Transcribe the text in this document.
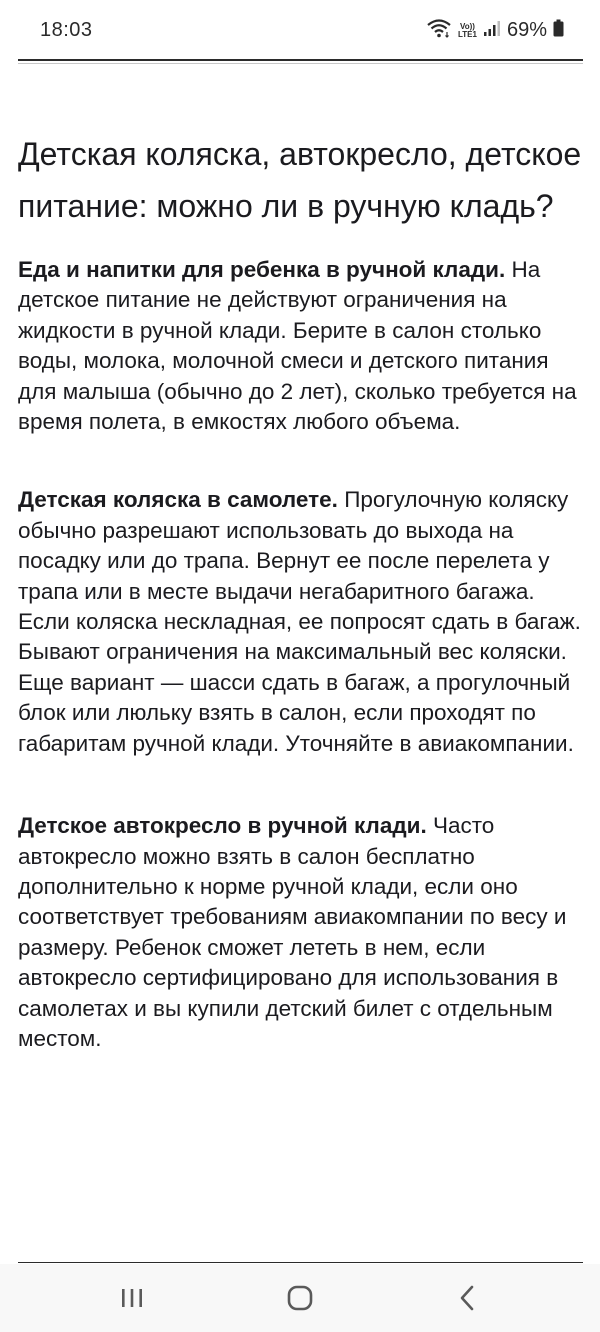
18:03	Vo))
LTE1 69%
Детская коляска, автокресло, детское питание: можно ли в ручную кладь?

Еда и напитки для ребенка в ручной клади. На детское питание не действуют ограничения на жидкости в ручной клади. Берите в салон столько воды, молока, молочной смеси и детского питания для малыша (обычно до 2 лет), сколько требуется на время полета, в емкостях любого объема.

Детская коляска в самолете. Прогулочную коляску обычно разрешают использовать до выхода на посадку или до трапа. Вернут ее после перелета у трапа или в месте выдачи негабаритного багажа. Если коляска нескладная, ее попросят сдать в багаж. Бывают ограничения на максимальный вес коляски. Еще вариант — шасси сдать в багаж, а прогулочный блок или люльку взять в салон, если проходят по габаритам ручной клади. Уточняйте в авиакомпании.

Детское автокресло в ручной клади. Часто автокресло можно взять в салон бесплатно дополнительно к норме ручной клади, если оно соответствует требованиям авиакомпании по весу и размеру. Ребенок сможет лететь в нем, если автокресло сертифицировано для использования в самолетах и вы купили детский билет с отдельным местом.
